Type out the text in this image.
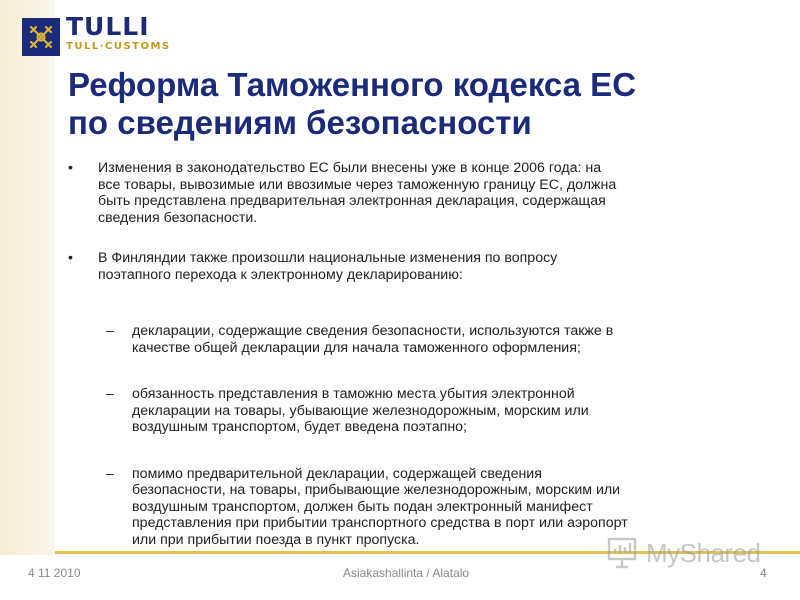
TULLI
TULL·CUSTOMS
Реформа Таможенного кодекса ЕС
по сведениям безопасности
• Изменения в законодательство ЕС были внесены уже в конце 2006 года: на
все товары, вывозимые или ввозимые через таможенную границу ЕС, должна
быть представлена предварительная электронная декларация, содержащая
сведения безопасности.
• В Финляндии также произошли национальные изменения по вопросу
поэтапного перехода к электронному декларированию:
– декларации, содержащие сведения безопасности, используются также в
качестве общей декларации для начала таможенного оформления;
– обязанность представления в таможню места убытия электронной
декларации на товары, убывающие железнодорожным, морским или
воздушным транспортом, будет введена поэтапно;
– помимо предварительной декларации, содержащей сведения
безопасности, на товары, прибывающие железнодорожным, морским или
воздушным транспортом, должен быть подан электронный манифест
представления при прибытии транспортного средства в порт или аэропорт
или при прибытии поезда в пункт пропуска.	MyShared
4 11 2010	Asiakashallinta / Alatalo	4
